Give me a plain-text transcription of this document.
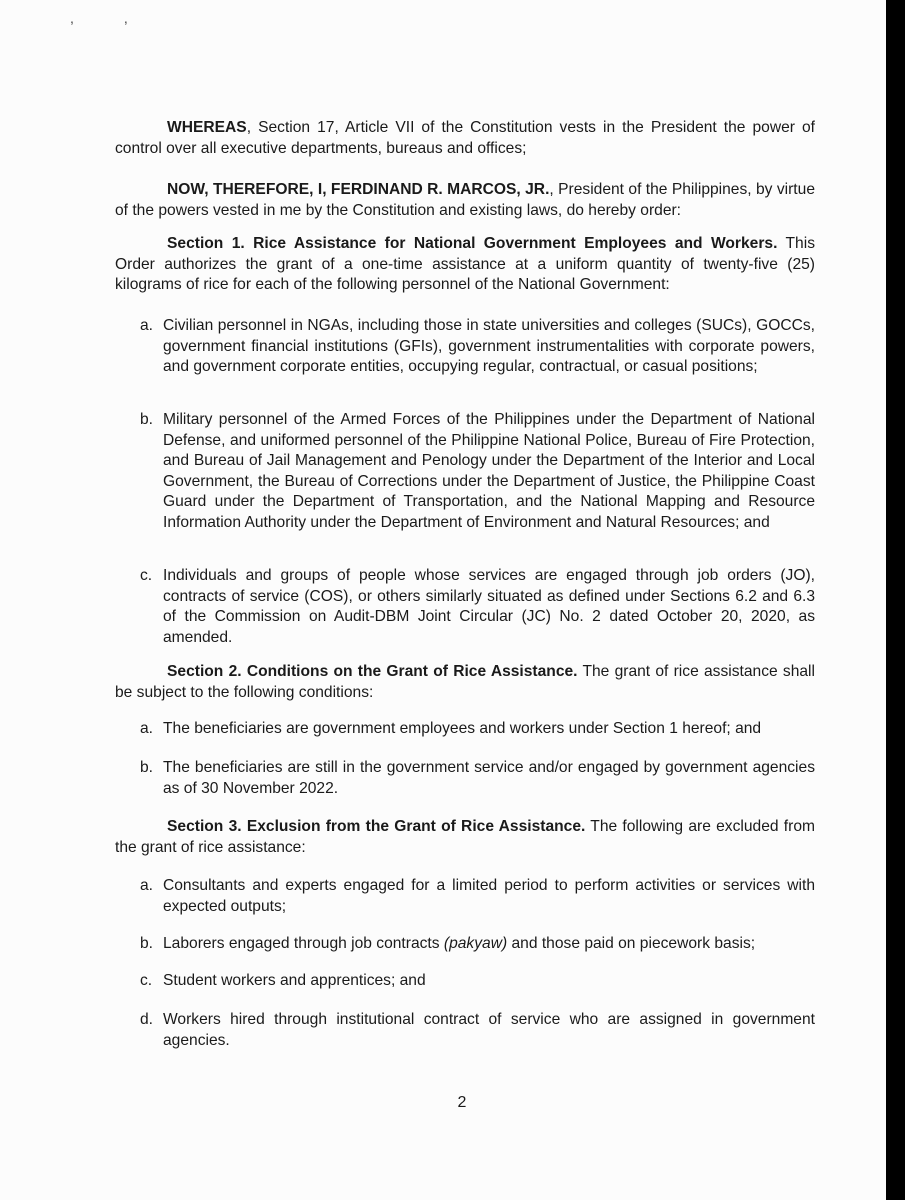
,	,
WHEREAS, Section 17, Article VII of the Constitution vests in the President the power of control over all executive departments, bureaus and offices;
NOW, THEREFORE, I, FERDINAND R. MARCOS, JR., President of the Philippines, by virtue of the powers vested in me by the Constitution and existing laws, do hereby order:
Section 1. Rice Assistance for National Government Employees and Workers. This Order authorizes the grant of a one-time assistance at a uniform quantity of twenty-five (25) kilograms of rice for each of the following personnel of the National Government:
a. Civilian personnel in NGAs, including those in state universities and colleges (SUCs), GOCCs, government financial institutions (GFIs), government instrumentalities with corporate powers, and government corporate entities, occupying regular, contractual, or casual positions;
b. Military personnel of the Armed Forces of the Philippines under the Department of National Defense, and uniformed personnel of the Philippine National Police, Bureau of Fire Protection, and Bureau of Jail Management and Penology under the Department of the Interior and Local Government, the Bureau of Corrections under the Department of Justice, the Philippine Coast Guard under the Department of Transportation, and the National Mapping and Resource Information Authority under the Department of Environment and Natural Resources; and
c. Individuals and groups of people whose services are engaged through job orders (JO), contracts of service (COS), or others similarly situated as defined under Sections 6.2 and 6.3 of the Commission on Audit-DBM Joint Circular (JC) No. 2 dated October 20, 2020, as amended.
Section 2. Conditions on the Grant of Rice Assistance. The grant of rice assistance shall be subject to the following conditions:
a. The beneficiaries are government employees and workers under Section 1 hereof; and
b. The beneficiaries are still in the government service and/or engaged by government agencies as of 30 November 2022.
Section 3. Exclusion from the Grant of Rice Assistance. The following are excluded from the grant of rice assistance:
a. Consultants and experts engaged for a limited period to perform activities or services with expected outputs;
b. Laborers engaged through job contracts (pakyaw) and those paid on piecework basis;
c. Student workers and apprentices; and
d. Workers hired through institutional contract of service who are assigned in government agencies.
2
